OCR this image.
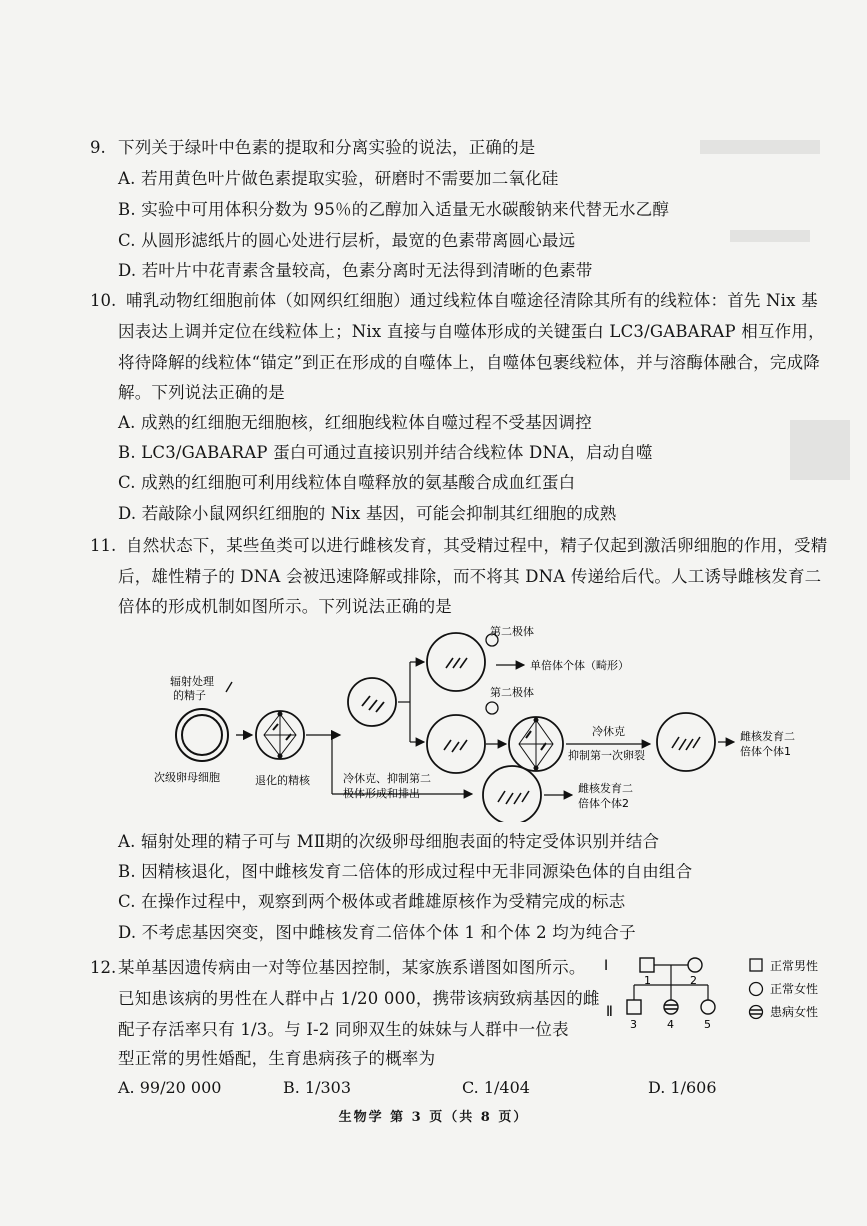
9. 下列关于绿叶中色素的提取和分离实验的说法，正确的是
A. 若用黄色叶片做色素提取实验，研磨时不需要加二氧化硅
B. 实验中可用体积分数为 95％的乙醇加入适量无水碳酸钠来代替无水乙醇
C. 从圆形滤纸片的圆心处进行层析，最宽的色素带离圆心最远
D. 若叶片中花青素含量较高，色素分离时无法得到清晰的色素带
10. 哺乳动物红细胞前体（如网织红细胞）通过线粒体自噬途径清除其所有的线粒体：首先 Nix 基
因表达上调并定位在线粒体上；Nix 直接与自噬体形成的关键蛋白 LC3/GABARAP 相互作用，
将待降解的线粒体“锚定”到正在形成的自噬体上，自噬体包裹线粒体，并与溶酶体融合，完成降
解。下列说法正确的是
A. 成熟的红细胞无细胞核，红细胞线粒体自噬过程不受基因调控
B. LC3/GABARAP 蛋白可通过直接识别并结合线粒体 DNA，启动自噬
C. 成熟的红细胞可利用线粒体自噬释放的氨基酸合成血红蛋白
D. 若敲除小鼠网织红细胞的 Nix 基因，可能会抑制其红细胞的成熟
11. 自然状态下，某些鱼类可以进行雌核发育，其受精过程中，精子仅起到激活卵细胞的作用，受精
后，雄性精子的 DNA 会被迅速降解或排除，而不将其 DNA 传递给后代。人工诱导雌核发育二
倍体的形成机制如图所示。下列说法正确的是
辐射处理
的精子
次级卵母细胞	退化的精核	冷休克、抑制第二
极体形成和排出
第二极体
单倍体个体（畸形）
第二极体
冷休克
抑制第一次卵裂
雌核发育二
倍体个体1
雌核发育二
倍体个体2
A. 辐射处理的精子可与 MⅡ期的次级卵母细胞表面的特定受体识别并结合
B. 因精核退化，图中雌核发育二倍体的形成过程中无非同源染色体的自由组合
C. 在操作过程中，观察到两个极体或者雌雄原核作为受精完成的标志
D. 不考虑基因突变，图中雌核发育二倍体个体 1 和个体 2 均为纯合子
12. 某单基因遗传病由一对等位基因控制，某家族系谱图如图所示。
已知患该病的男性在人群中占 1/20 000，携带该病致病基因的雌
配子存活率只有 1/3。与 Ⅰ-2 同卵双生的妹妹与人群中一位表
型正常的男性婚配，生育患病孩子的概率为
Ⅰ
Ⅱ
1	2
3	4	5
正常男性
正常女性
患病女性
A. 99/20 000	B. 1/303	C. 1/404	D. 1/606
生物学 第 3 页（共 8 页）
